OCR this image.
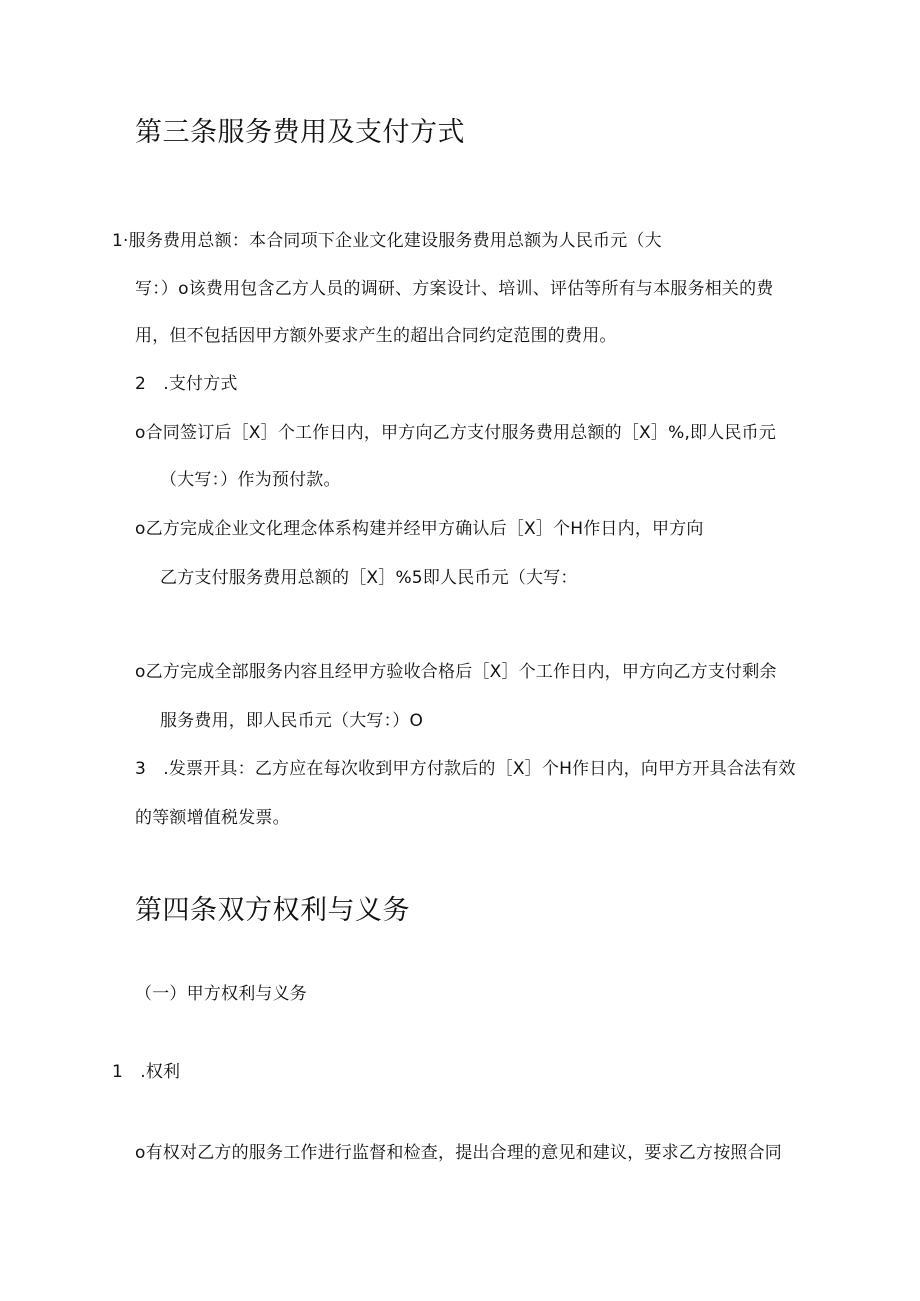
第三条服务费用及支付方式
1·服务费用总额：本合同项下企业文化建设服务费用总额为人民币元（大
写：）o该费用包含乙方人员的调研、方案设计、培训、评估等所有与本服务相关的费
用，但不包括因甲方额外要求产生的超出合同约定范围的费用。
2　.支付方式
o合同签订后［X］个工作日内，甲方向乙方支付服务费用总额的［X］%,即人民币元
（大写：）作为预付款。
o乙方完成企业文化理念体系构建并经甲方确认后［X］个H作日内，甲方向
乙方支付服务费用总额的［X］%5即人民币元（大写：
o乙方完成全部服务内容且经甲方验收合格后［X］个工作日内，甲方向乙方支付剩余
服务费用，即人民币元（大写：）O
3　.发票开具：乙方应在每次收到甲方付款后的［X］个H作日内，向甲方开具合法有效
的等额增值税发票。
第四条双方权利与义务
（一）甲方权利与义务
1　.权利
o有权对乙方的服务工作进行监督和检查，提出合理的意见和建议，要求乙方按照合同
